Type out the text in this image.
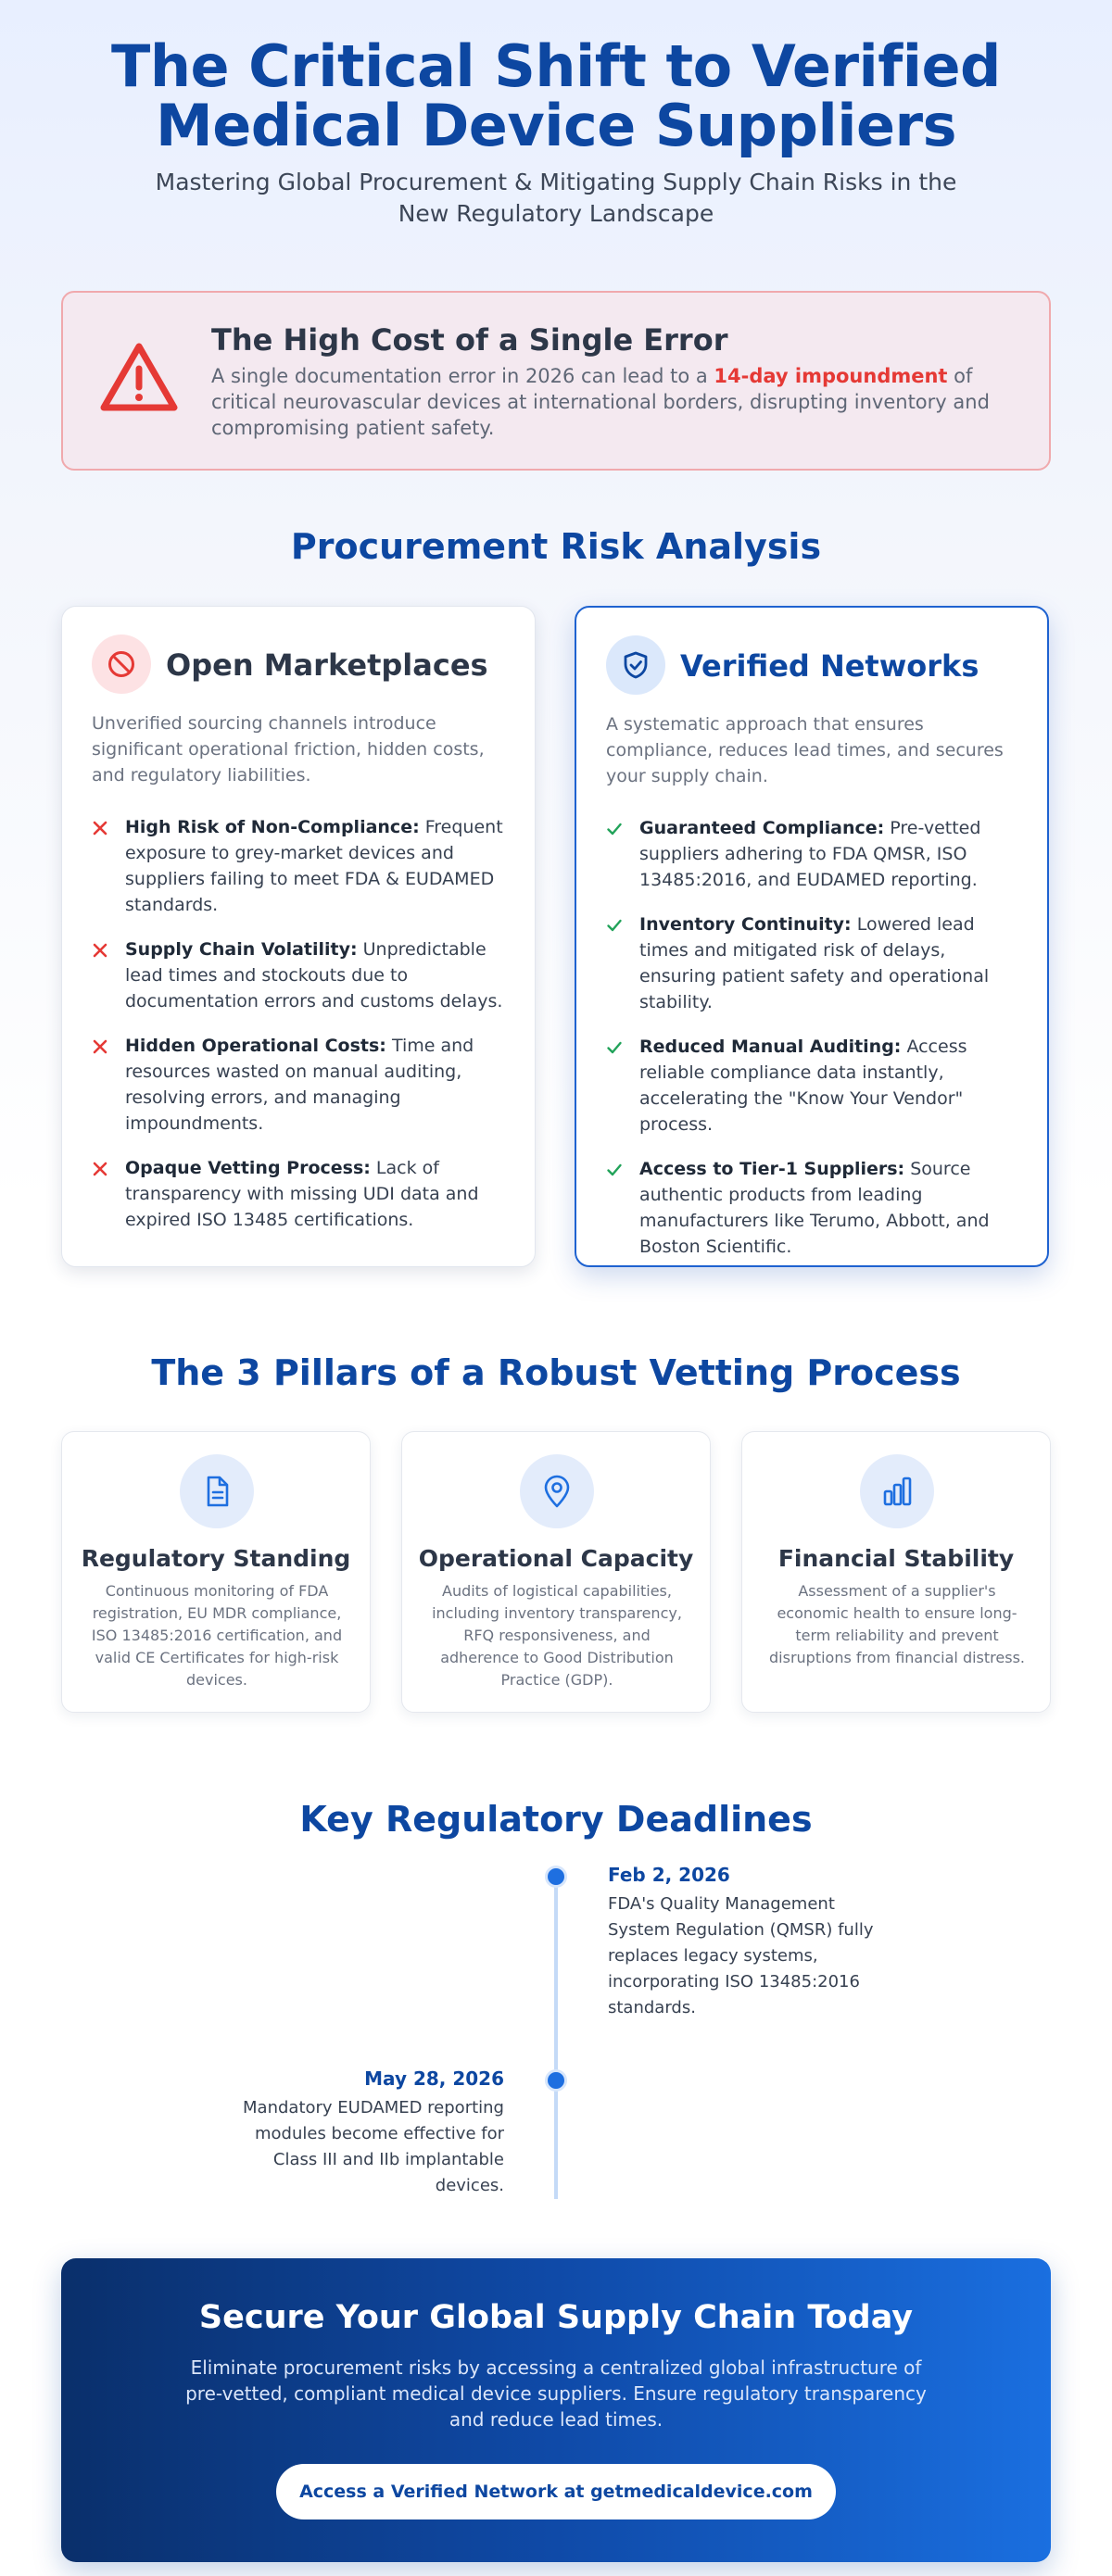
The Critical Shift to Verified Medical Device Suppliers
Mastering Global Procurement & Mitigating Supply Chain Risks in the New Regulatory Landscape
The High Cost of a Single Error
A single documentation error in 2026 can lead to a 14-day impoundment of critical neurovascular devices at international borders, disrupting inventory and compromising patient safety.
Procurement Risk Analysis
Open Marketplaces
Unverified sourcing channels introduce significant operational friction, hidden costs, and regulatory liabilities.
High Risk of Non-Compliance: Frequent exposure to grey-market devices and suppliers failing to meet FDA & EUDAMED standards.
Supply Chain Volatility: Unpredictable lead times and stockouts due to documentation errors and customs delays.
Hidden Operational Costs: Time and resources wasted on manual auditing, resolving errors, and managing impoundments.
Opaque Vetting Process: Lack of transparency with missing UDI data and expired ISO 13485 certifications.
Verified Networks
A systematic approach that ensures compliance, reduces lead times, and secures your supply chain.
Guaranteed Compliance: Pre-vetted suppliers adhering to FDA QMSR, ISO 13485:2016, and EUDAMED reporting.
Inventory Continuity: Lowered lead times and mitigated risk of delays, ensuring patient safety and operational stability.
Reduced Manual Auditing: Access reliable compliance data instantly, accelerating the "Know Your Vendor" process.
Access to Tier-1 Suppliers: Source authentic products from leading manufacturers like Terumo, Abbott, and Boston Scientific.
The 3 Pillars of a Robust Vetting Process
Regulatory Standing
Continuous monitoring of FDA registration, EU MDR compliance, ISO 13485:2016 certification, and valid CE Certificates for high-risk devices.
Operational Capacity
Audits of logistical capabilities, including inventory transparency, RFQ responsiveness, and adherence to Good Distribution Practice (GDP).
Financial Stability
Assessment of a supplier's economic health to ensure long-term reliability and prevent disruptions from financial distress.
Key Regulatory Deadlines
Feb 2, 2026
FDA's Quality Management System Regulation (QMSR) fully replaces legacy systems, incorporating ISO 13485:2016 standards.
May 28, 2026
Mandatory EUDAMED reporting modules become effective for Class III and IIb implantable devices.
Secure Your Global Supply Chain Today
Eliminate procurement risks by accessing a centralized global infrastructure of pre-vetted, compliant medical device suppliers. Ensure regulatory transparency and reduce lead times.
Access a Verified Network at getmedicaldevice.com
